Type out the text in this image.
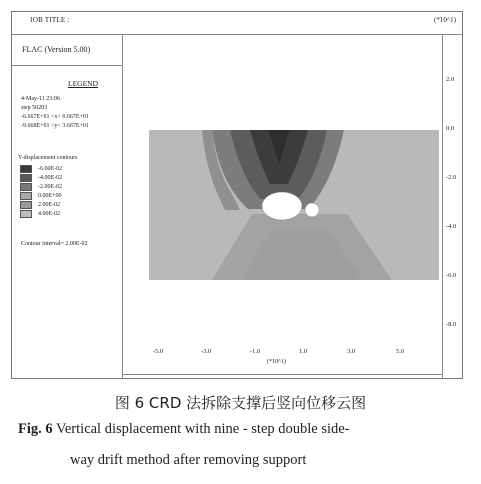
JOB TITLE :	(*10^1)
FLAC (Version 5.00)
LEGEND
4-May-11 23:06
step 50203
-6.667E+01 <x< 6.667E+01
-9.668E+01 <y< 3.667E+01
Y-displacement contours
-6.00E-02
-4.00E-02
-2.00E-02
0.00E+00
2.00E-02
4.00E-02
Contour interval= 2.00E-02
2.0
0.0
-2.0
-4.0
-6.0
-8.0
-5.0	-3.0	-1.0	1.0	3.0	5.0
(*10^1)
图 6 CRD 法拆除支撑后竖向位移云图
Fig. 6 Vertical displacement with nine - step double side-
way drift method after removing support
